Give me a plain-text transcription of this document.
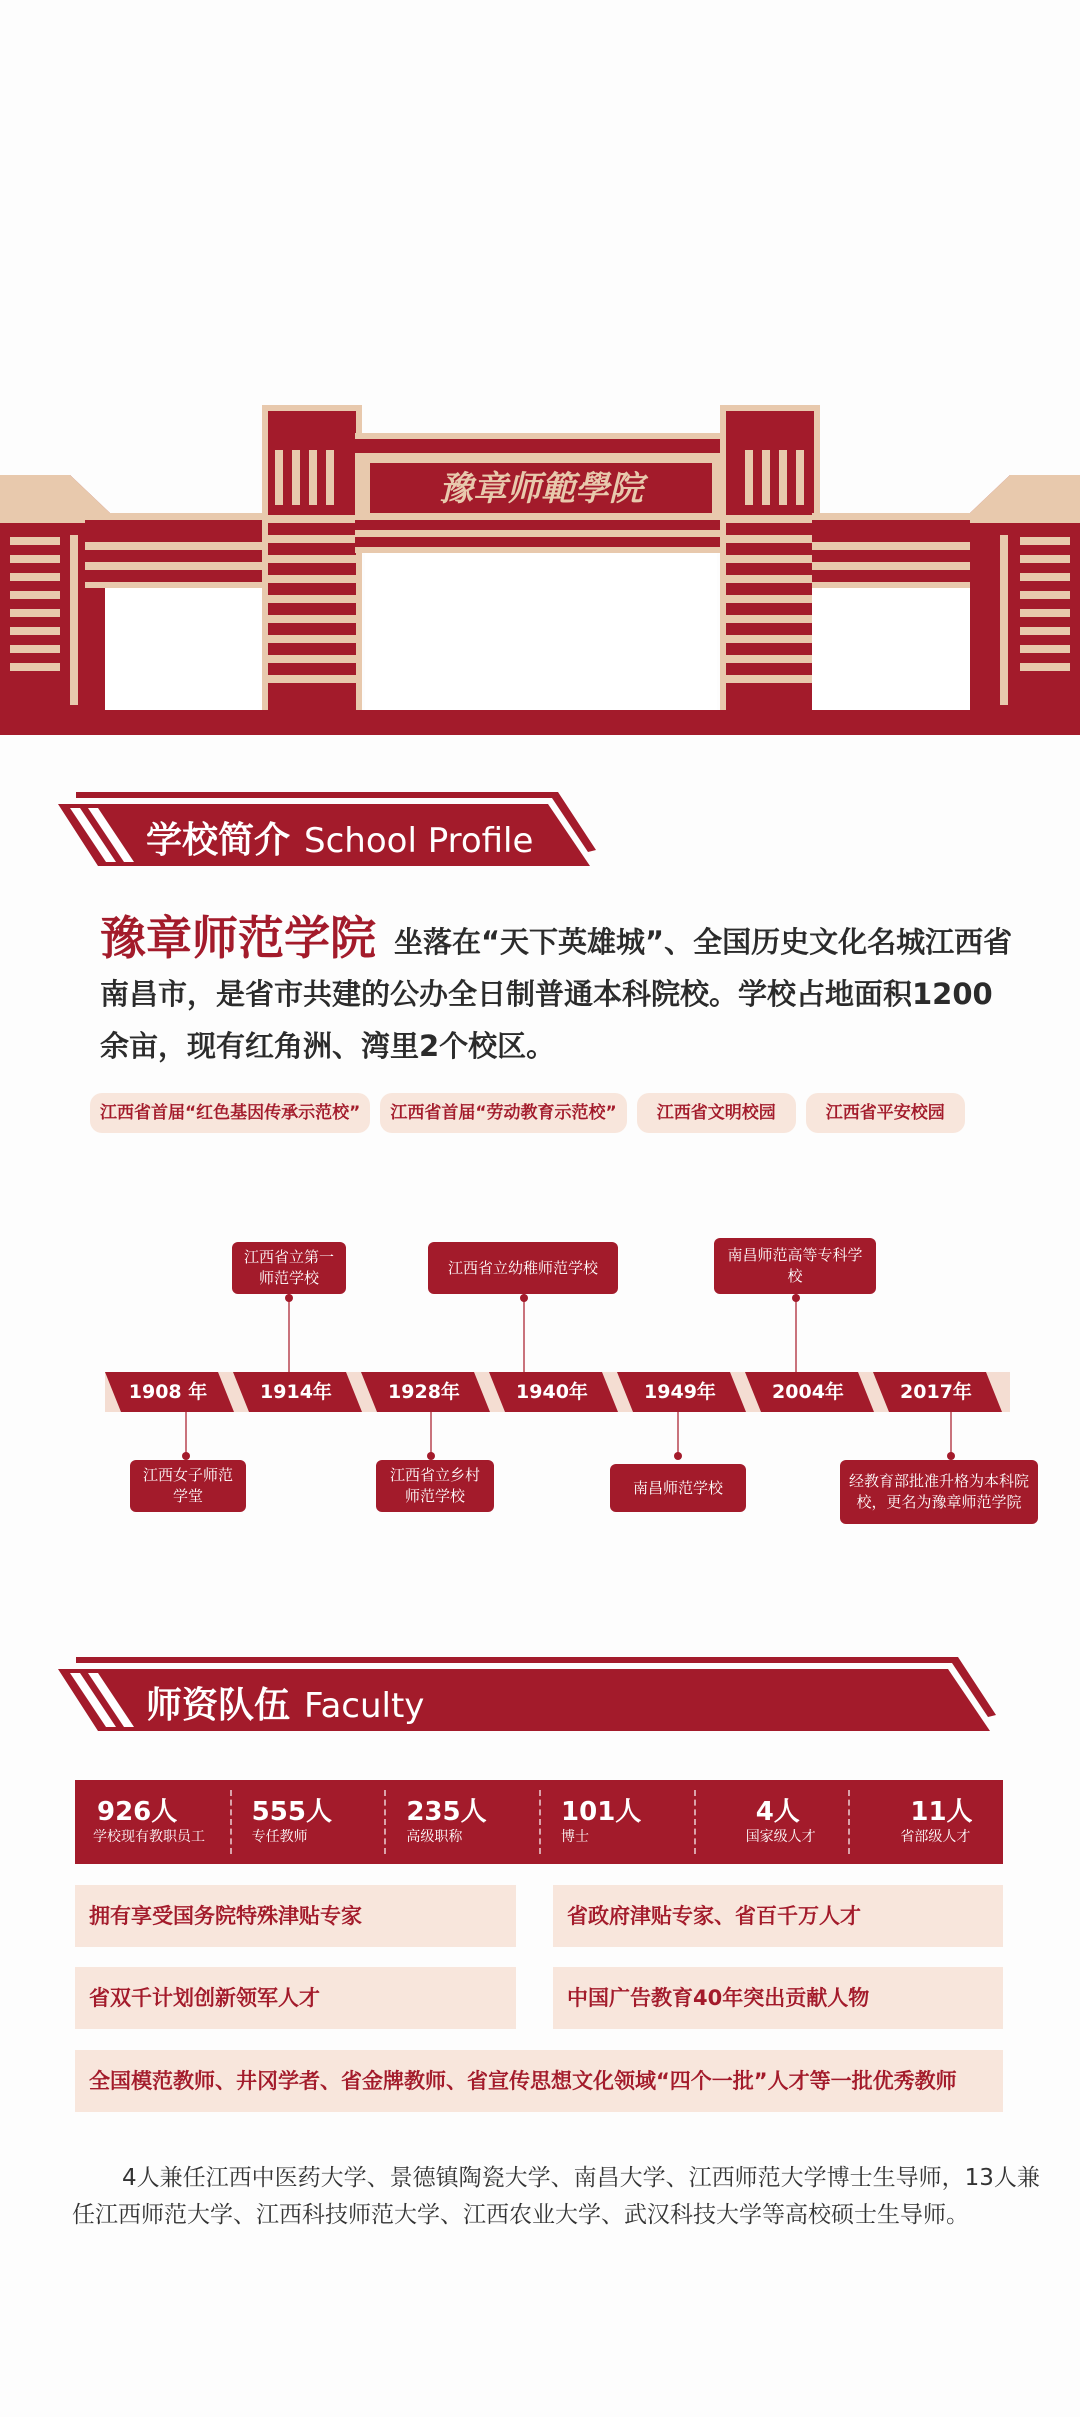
豫章师範學院
学校简介 School Profile
豫章师范学院 坐落在“天下英雄城”、全国历史文化名城江西省南昌市，是省市共建的公办全日制普通本科院校。学校占地面积1200余亩，现有红角洲、湾里2个校区。
江西省首届“红色基因传承示范校”	江西省首届“劳动教育示范校”	江西省文明校园	江西省平安校园
1908 年	1914年	1928年	1940年	1949年	2004年	2017年
江西省立第一师范学校
江西省立幼稚师范学校
南昌师范高等专科学校
江西女子师范学堂
江西省立乡村师范学校	南昌师范学校	经教育部批准升格为本科院校，更名为豫章师范学院
师资队伍 Faculty
926人
学校现有教职员工
555人
专任教师
235人
高级职称
101人
博士
4人
国家级人才
11人
省部级人才
拥有享受国务院特殊津贴专家	省政府津贴专家、省百千万人才
省双千计划创新领军人才	中国广告教育40年突出贡献人物
全国模范教师、井冈学者、省金牌教师、省宣传思想文化领域“四个一批”人才等一批优秀教师

4人兼任江西中医药大学、景德镇陶瓷大学、南昌大学、江西师范大学博士生导师，13人兼任江西师范大学、江西科技师范大学、江西农业大学、武汉科技大学等高校硕士生导师。
